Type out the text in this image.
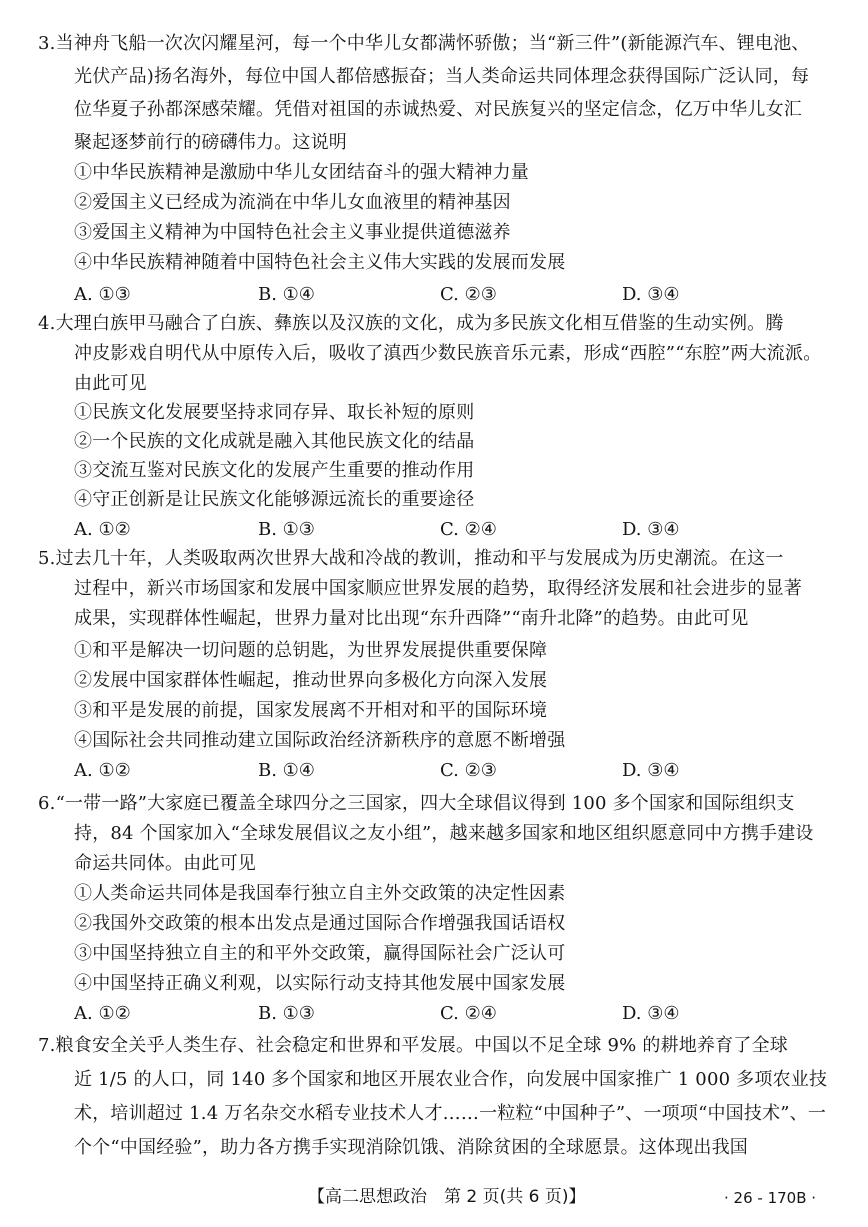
3.当神舟飞船一次次闪耀星河，每一个中华儿女都满怀骄傲；当“新三件”(新能源汽车、锂电池、
光伏产品)扬名海外，每位中国人都倍感振奋；当人类命运共同体理念获得国际广泛认同，每
位华夏子孙都深感荣耀。凭借对祖国的赤诚热爱、对民族复兴的坚定信念，亿万中华儿女汇
聚起逐梦前行的磅礴伟力。这说明
①中华民族精神是激励中华儿女团结奋斗的强大精神力量
②爱国主义已经成为流淌在中华儿女血液里的精神基因
③爱国主义精神为中国特色社会主义事业提供道德滋养
④中华民族精神随着中国特色社会主义伟大实践的发展而发展
A. ①③	B. ①④	C. ②③	D. ③④
4.大理白族甲马融合了白族、彝族以及汉族的文化，成为多民族文化相互借鉴的生动实例。腾
冲皮影戏自明代从中原传入后，吸收了滇西少数民族音乐元素，形成“西腔”“东腔”两大流派。
由此可见
①民族文化发展要坚持求同存异、取长补短的原则
②一个民族的文化成就是融入其他民族文化的结晶
③交流互鉴对民族文化的发展产生重要的推动作用
④守正创新是让民族文化能够源远流长的重要途径
A. ①②	B. ①③	C. ②④	D. ③④
5.过去几十年，人类吸取两次世界大战和冷战的教训，推动和平与发展成为历史潮流。在这一
过程中，新兴市场国家和发展中国家顺应世界发展的趋势，取得经济发展和社会进步的显著
成果，实现群体性崛起，世界力量对比出现“东升西降”“南升北降”的趋势。由此可见
①和平是解决一切问题的总钥匙，为世界发展提供重要保障
②发展中国家群体性崛起，推动世界向多极化方向深入发展
③和平是发展的前提，国家发展离不开相对和平的国际环境
④国际社会共同推动建立国际政治经济新秩序的意愿不断增强
A. ①②	B. ①④	C. ②③	D. ③④
6.“一带一路”大家庭已覆盖全球四分之三国家，四大全球倡议得到 100 多个国家和国际组织支
持，84 个国家加入“全球发展倡议之友小组”，越来越多国家和地区组织愿意同中方携手建设
命运共同体。由此可见
①人类命运共同体是我国奉行独立自主外交政策的决定性因素
②我国外交政策的根本出发点是通过国际合作增强我国话语权
③中国坚持独立自主的和平外交政策，赢得国际社会广泛认可
④中国坚持正确义利观，以实际行动支持其他发展中国家发展
A. ①②	B. ①③	C. ②④	D. ③④
7.粮食安全关乎人类生存、社会稳定和世界和平发展。中国以不足全球 9% 的耕地养育了全球
近 1/5 的人口，同 140 多个国家和地区开展农业合作，向发展中国家推广 1 000 多项农业技
术，培训超过 1.4 万名杂交水稻专业技术人才……一粒粒“中国种子”、一项项“中国技术”、一
个个“中国经验”，助力各方携手实现消除饥饿、消除贫困的全球愿景。这体现出我国
【高二思想政治　第 2 页(共 6 页)】	· 26 - 170B ·
